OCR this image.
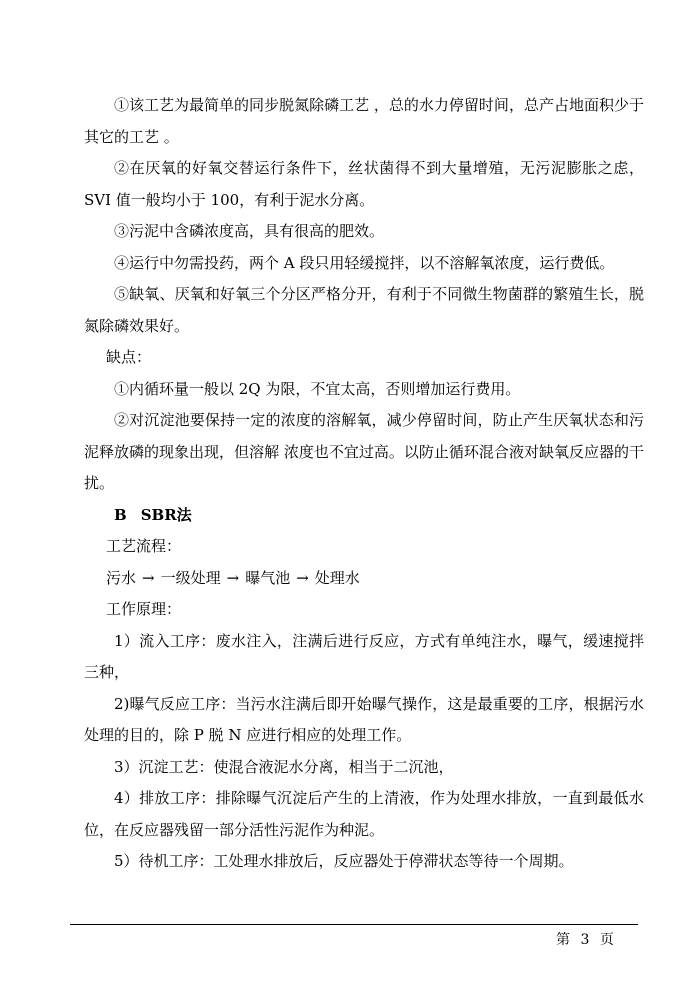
①该工艺为最简单的同步脱氮除磷工艺 ，总的水力停留时间，总产占地面积少于其它的工艺 。

②在厌氧的好氧交替运行条件下，丝状菌得不到大量增殖，无污泥膨胀之虑，SVI 值一般均小于 100，有利于泥水分离。

③污泥中含磷浓度高，具有很高的肥效。

④运行中勿需投药，两个 A 段只用轻缓搅拌，以不溶解氧浓度，运行费低。

⑤缺氧、厌氧和好氧三个分区严格分开，有利于不同微生物菌群的繁殖生长，脱氮除磷效果好。

缺点：

①内循环量一般以 2Q 为限，不宜太高，否则增加运行费用。

②对沉淀池要保持一定的浓度的溶解氧，减少停留时间，防止产生厌氧状态和污泥释放磷的现象出现，但溶解 浓度也不宜过高。以防止循环混合液对缺氧反应器的干扰。

B SBR法

工艺流程：

污水 → 一级处理 → 曝气池 → 处理水

工作原理：

1）流入工序：废水注入，注满后进行反应，方式有单纯注水，曝气，缓速搅拌三种，

2)曝气反应工序：当污水注满后即开始曝气操作，这是最重要的工序，根据污水处理的目的，除 P 脱 N 应进行相应的处理工作。

3）沉淀工艺：使混合液泥水分离，相当于二沉池，

4）排放工序：排除曝气沉淀后产生的上清液，作为处理水排放，一直到最低水位，在反应器残留一部分活性污泥作为种泥。

5）待机工序：工处理水排放后，反应器处于停滞状态等待一个周期。

第 3 页
